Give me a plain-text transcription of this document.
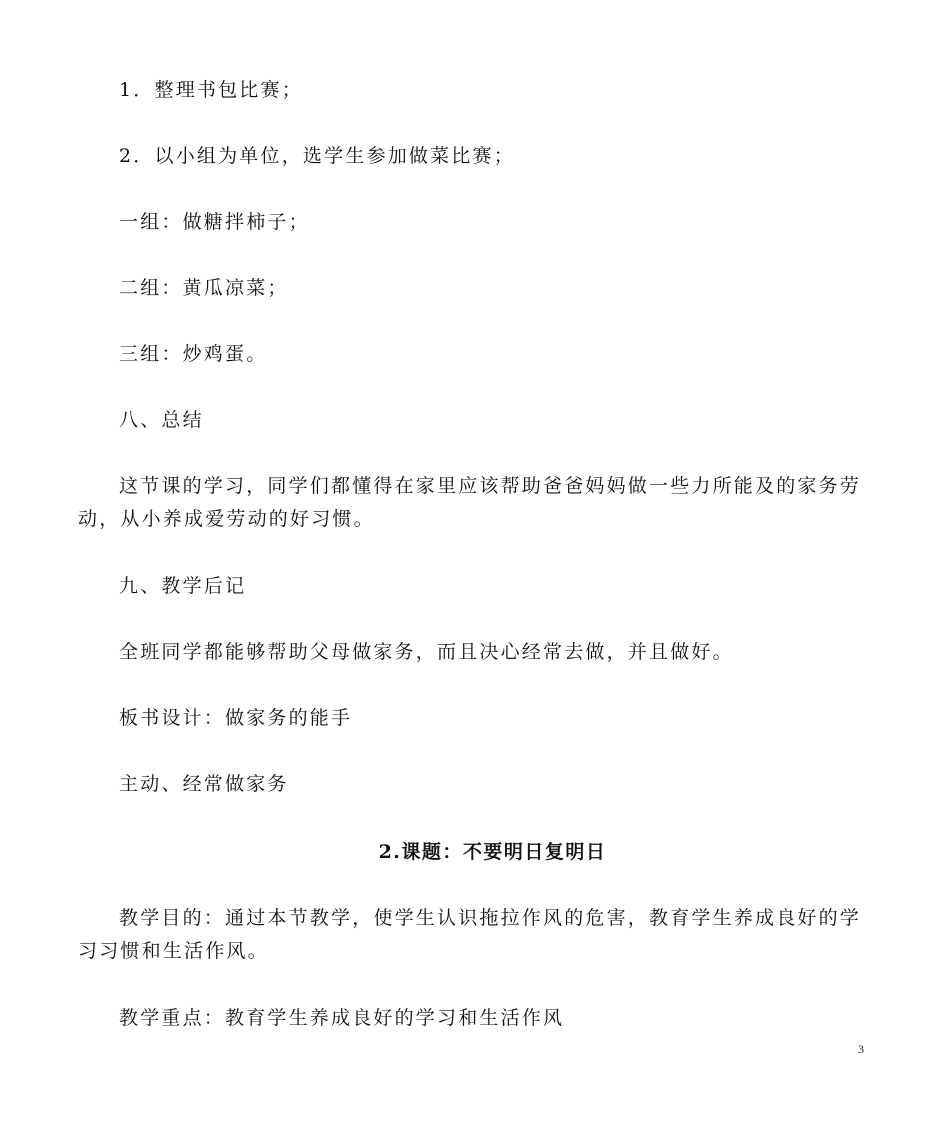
1．整理书包比赛；

2．以小组为单位，选学生参加做菜比赛；

一组：做糖拌柿子；

二组：黄瓜凉菜；

三组：炒鸡蛋。

八、总结

这节课的学习，同学们都懂得在家里应该帮助爸爸妈妈做一些力所能及的家务劳动，从小养成爱劳动的好习惯。

九、教学后记

全班同学都能够帮助父母做家务，而且决心经常去做，并且做好。

板书设计：做家务的能手

主动、经常做家务

2.课题：不要明日复明日

教学目的：通过本节教学，使学生认识拖拉作风的危害，教育学生养成良好的学习习惯和生活作风。

教学重点：教育学生养成良好的学习和生活作风

3
